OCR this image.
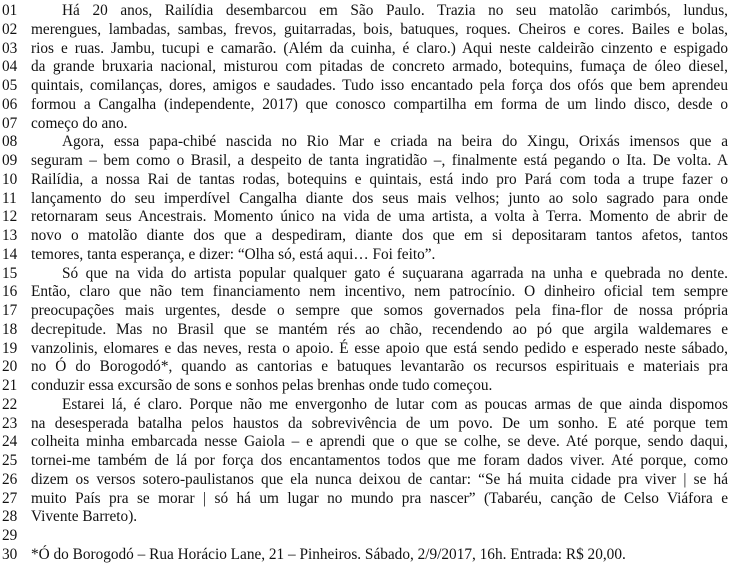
01	Há 20 anos, Railídia desembarcou em São Paulo. Trazia no seu matolão carimbós, lundus,
02 merengues, lambadas, sambas, frevos, guitarradas, bois, batuques, roques. Cheiros e cores. Bailes e bolas,
03 rios e ruas. Jambu, tucupi e camarão. (Além da cuinha, é claro.) Aqui neste caldeirão cinzento e espigado
04 da grande bruxaria nacional, misturou com pitadas de concreto armado, botequins, fumaça de óleo diesel,
05 quintais, comilanças, dores, amigos e saudades. Tudo isso encantado pela força dos ofós que bem aprendeu
06 formou a Cangalha (independente, 2017) que conosco compartilha em forma de um lindo disco, desde o
07 começo do ano.
08	Agora, essa papa-chibé nascida no Rio Mar e criada na beira do Xingu, Orixás imensos que a
09 seguram – bem como o Brasil, a despeito de tanta ingratidão –, finalmente está pegando o Ita. De volta. A
10 Railídia, a nossa Rai de tantas rodas, botequins e quintais, está indo pro Pará com toda a trupe fazer o
11 lançamento do seu imperdível Cangalha diante dos seus mais velhos; junto ao solo sagrado para onde
12 retornaram seus Ancestrais. Momento único na vida de uma artista, a volta à Terra. Momento de abrir de
13 novo o matolão diante dos que a despediram, diante dos que em si depositaram tantos afetos, tantos
14 temores, tanta esperança, e dizer: “Olha só, está aqui… Foi feito”.
15	Só que na vida do artista popular qualquer gato é suçuarana agarrada na unha e quebrada no dente.
16 Então, claro que não tem financiamento nem incentivo, nem patrocínio. O dinheiro oficial tem sempre
17 preocupações mais urgentes, desde o sempre que somos governados pela fina-flor de nossa própria
18 decrepitude. Mas no Brasil que se mantém rés ao chão, recendendo ao pó que argila waldemares e
19 vanzolinis, elomares e das neves, resta o apoio. É esse apoio que está sendo pedido e esperado neste sábado,
20 no Ó do Borogodó*, quando as cantorias e batuques levantarão os recursos espirituais e materiais pra
21 conduzir essa excursão de sons e sonhos pelas brenhas onde tudo começou.
22	Estarei lá, é claro. Porque não me envergonho de lutar com as poucas armas de que ainda dispomos
23 na desesperada batalha pelos haustos da sobrevivência de um povo. De um sonho. E até porque tem
24 colheita minha embarcada nesse Gaiola – e aprendi que o que se colhe, se deve. Até porque, sendo daqui,
25 tornei-me também de lá por força dos encantamentos todos que me foram dados viver. Até porque, como
26 dizem os versos sotero-paulistanos que ela nunca deixou de cantar: “Se há muita cidade pra viver | se há
27 muito País pra se morar | só há um lugar no mundo pra nascer” (Tabaréu, canção de Celso Viáfora e
28 Vivente Barreto).
29
30 *Ó do Borogodó – Rua Horácio Lane, 21 – Pinheiros. Sábado, 2/9/2017, 16h. Entrada: R$ 20,00.
